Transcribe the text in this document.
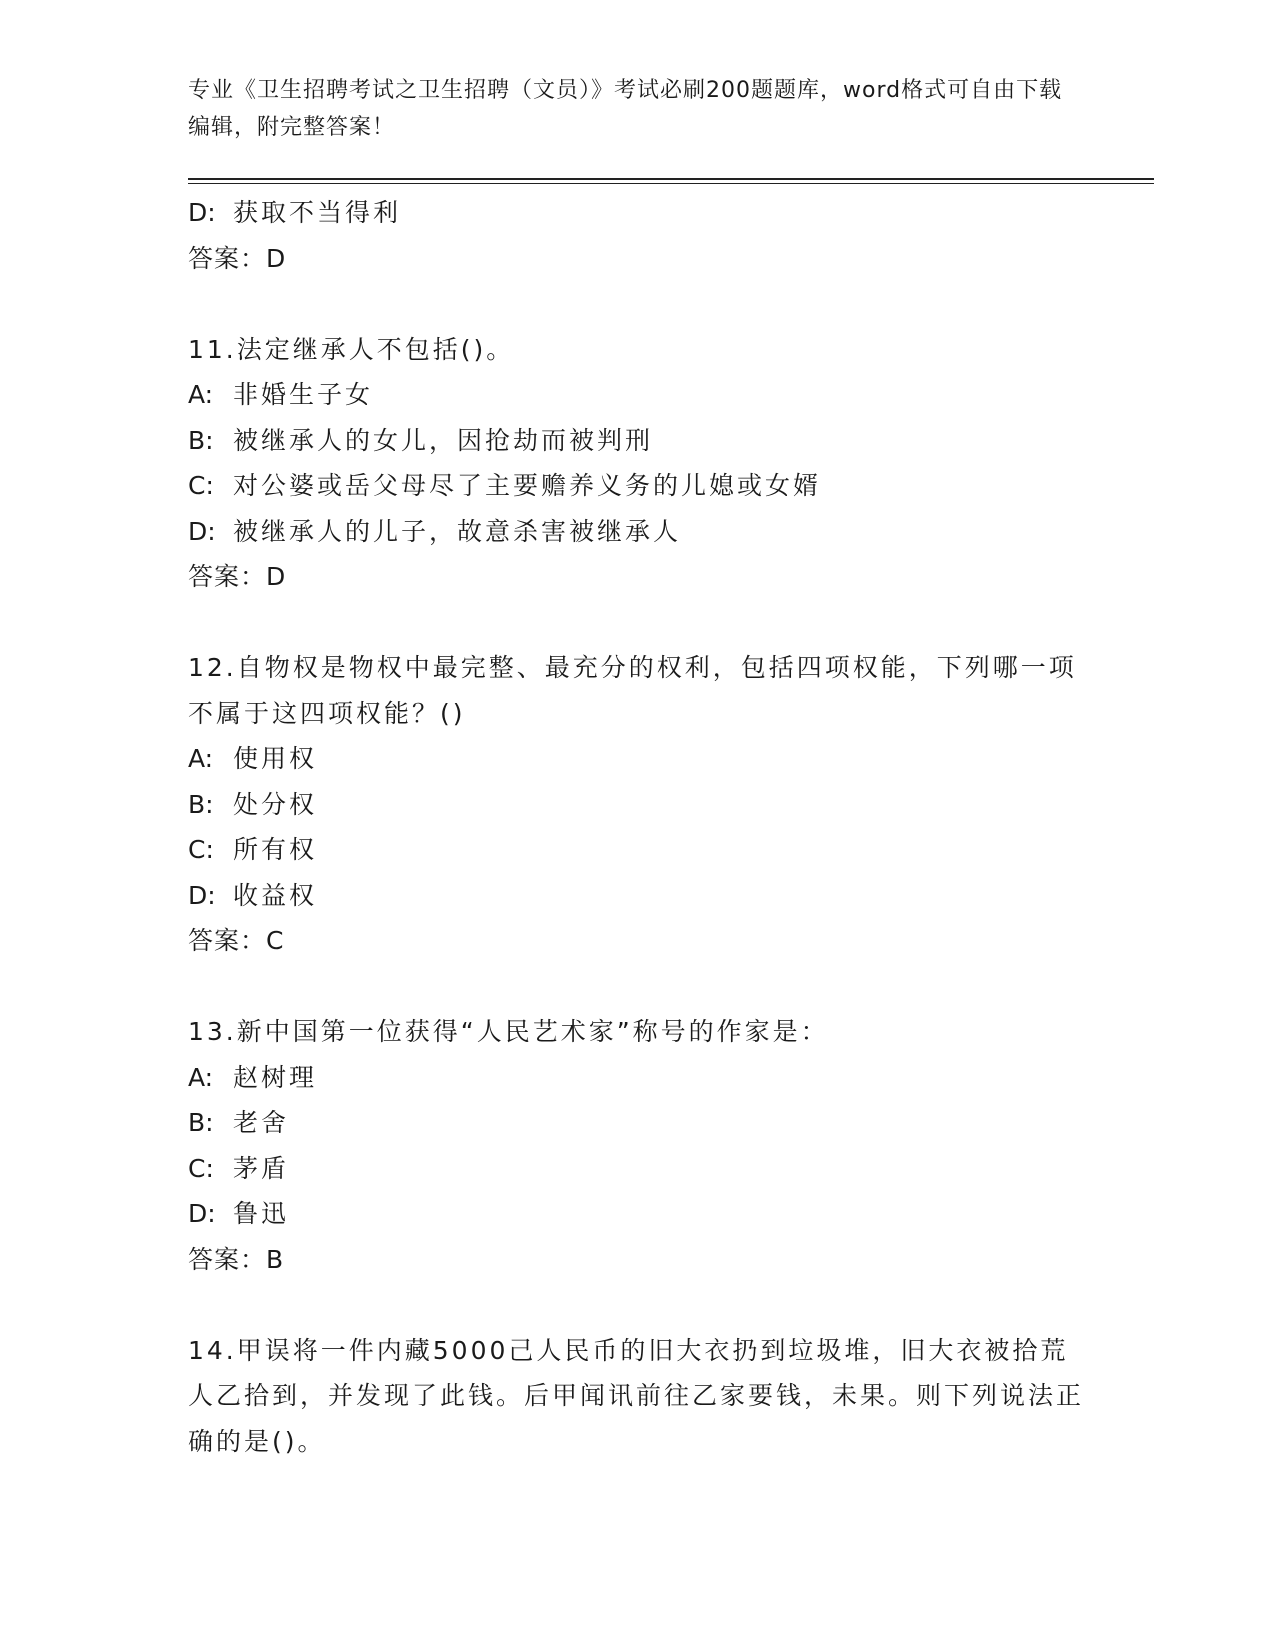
专业《卫生招聘考试之卫生招聘（文员）》考试必刷200题题库，word格式可自由下载编辑，附完整答案！
D: 获取不当得利
答案：D
11.法定继承人不包括()。
A: 非婚生子女
B: 被继承人的女儿，因抢劫而被判刑
C: 对公婆或岳父母尽了主要赡养义务的儿媳或女婿
D: 被继承人的儿子，故意杀害被继承人
答案：D
12.自物权是物权中最完整、最充分的权利，包括四项权能，下列哪一项不属于这四项权能？()
A: 使用权
B: 处分权
C: 所有权
D: 收益权
答案：C
13.新中国第一位获得“人民艺术家”称号的作家是：
A: 赵树理
B: 老舍
C: 茅盾
D: 鲁迅
答案：B
14.甲误将一件内藏5000己人民币的旧大衣扔到垃圾堆，旧大衣被拾荒人乙拾到，并发现了此钱。后甲闻讯前往乙家要钱，未果。则下列说法正确的是()。
